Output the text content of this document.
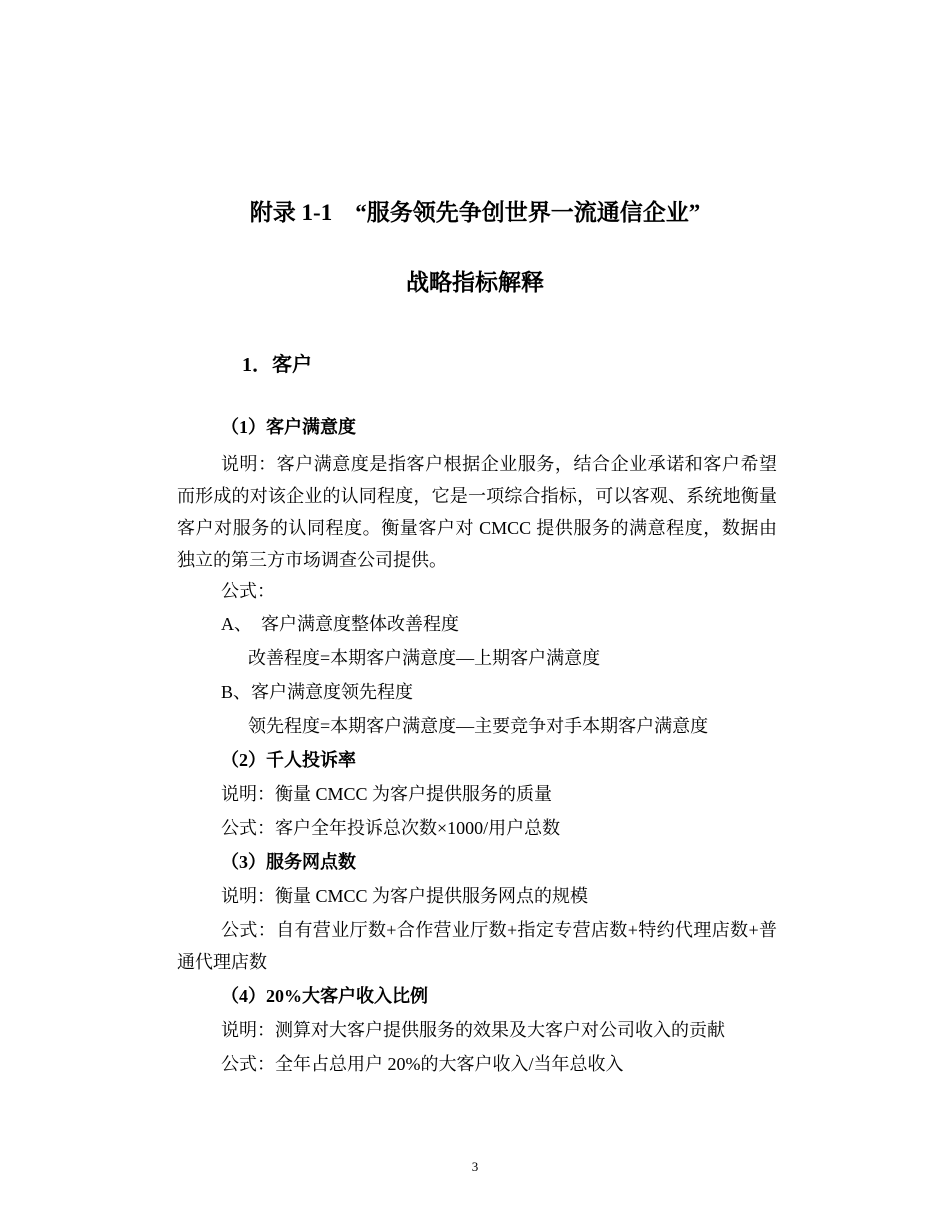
附录 1-1　“服务领先争创世界一流通信企业”
战略指标解释
1．客户
（1）客户满意度
说明：客户满意度是指客户根据企业服务，结合企业承诺和客户希望而形成的对该企业的认同程度，它是一项综合指标，可以客观、系统地衡量客户对服务的认同程度。衡量客户对 CMCC 提供服务的满意程度，数据由独立的第三方市场调查公司提供。
公式：
A、　客户满意度整体改善程度
改善程度=本期客户满意度—上期客户满意度
B、客户满意度领先程度
领先程度=本期客户满意度—主要竞争对手本期客户满意度
（2）千人投诉率
说明：衡量 CMCC 为客户提供服务的质量
公式：客户全年投诉总次数×1000/用户总数
（3）服务网点数
说明：衡量 CMCC 为客户提供服务网点的规模
公式：自有营业厅数+合作营业厅数+指定专营店数+特约代理店数+普通代理店数
（4）20%大客户收入比例
说明：测算对大客户提供服务的效果及大客户对公司收入的贡献
公式：全年占总用户 20%的大客户收入/当年总收入
3
